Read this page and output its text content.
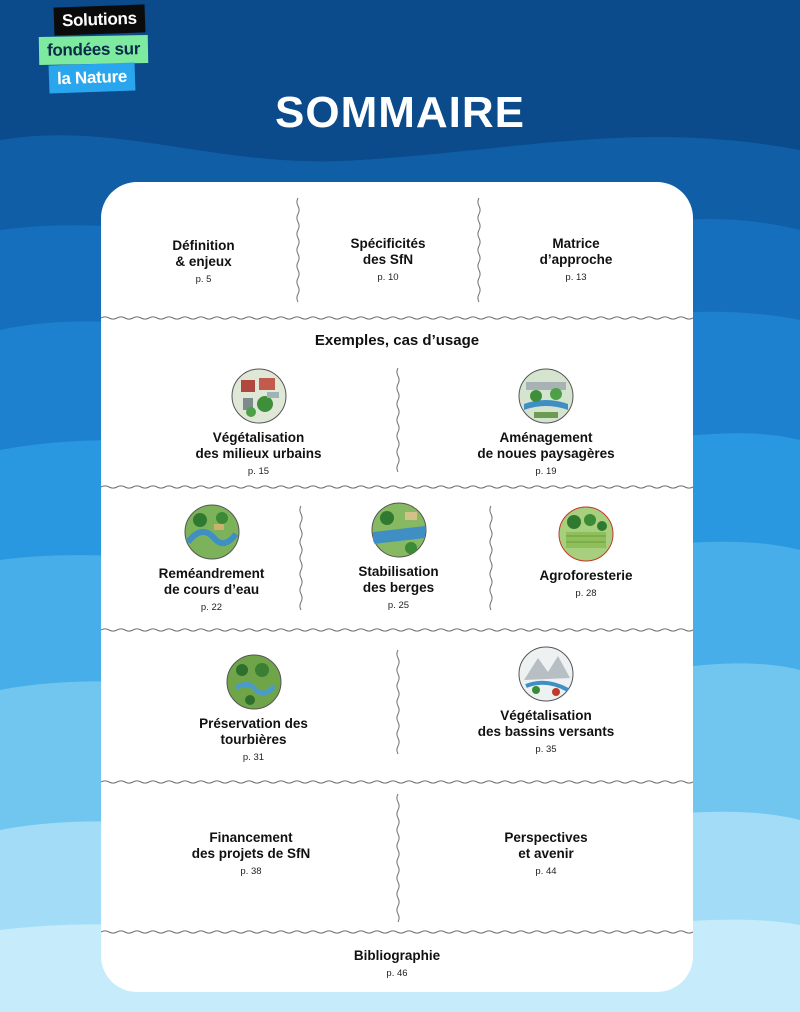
Solutions
fondées sur
la Nature
SOMMAIRE
Définition
& enjeux
p. 5
Spécificités
des SfN
p. 10
Matrice
d’approche
p. 13
Exemples, cas d’usage
Végétalisation
des milieux urbains
p. 15
Aménagement
de noues paysagères
p. 19
Reméandrement
de cours d’eau
p. 22
Stabilisation
des berges
p. 25
Agroforesterie
p. 28
Préservation des
tourbières
p. 31
Végétalisation
des bassins versants
p. 35
Financement
des projets de SfN
p. 38
Perspectives
et avenir
p. 44
Bibliographie
p. 46
